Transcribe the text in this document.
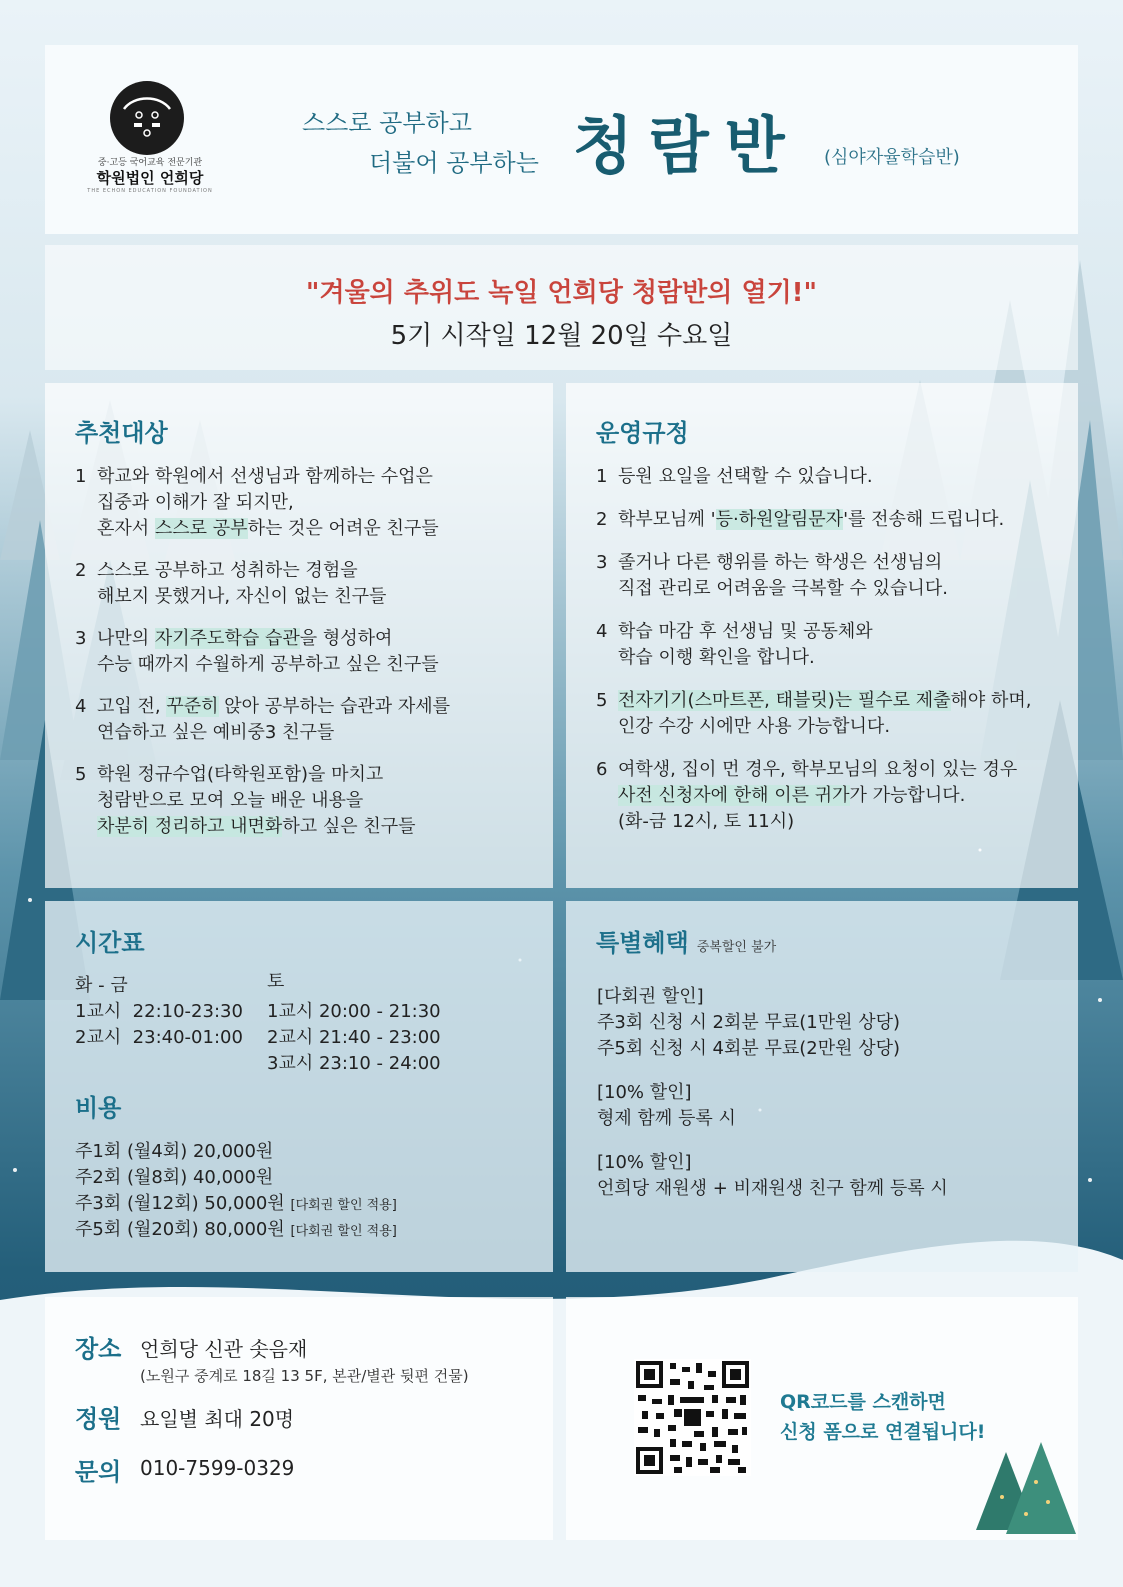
중·고등 국어교육 전문기관
학원법인 언희당
THE ECHON EDUCATION FOUNDATION
스스로 공부하고
더불어 공부하는 청람반 (심야자율학습반)
"겨울의 추위도 녹일 언희당 청람반의 열기!"
5기 시작일 12월 20일 수요일
추천대상
1 학교와 학원에서 선생님과 함께하는 수업은
집중과 이해가 잘 되지만,
혼자서 스스로 공부하는 것은 어려운 친구들
2 스스로 공부하고 성취하는 경험을
해보지 못했거나, 자신이 없는 친구들
3 나만의 자기주도학습 습관을 형성하여
수능 때까지 수월하게 공부하고 싶은 친구들
4 고입 전, 꾸준히 앉아 공부하는 습관과 자세를
연습하고 싶은 예비중3 친구들
5 학원 정규수업(타학원포함)을 마치고
청람반으로 모여 오늘 배운 내용을
차분히 정리하고 내면화하고 싶은 친구들
운영규정
1 등원 요일을 선택할 수 있습니다.
2 학부모님께 '등·하원알림문자'를 전송해 드립니다.
3 졸거나 다른 행위를 하는 학생은 선생님의
직접 관리로 어려움을 극복할 수 있습니다.
4 학습 마감 후 선생님 및 공동체와
학습 이행 확인을 합니다.
5 전자기기(스마트폰, 태블릿)는 필수로 제출해야 하며,
인강 수강 시에만 사용 가능합니다.
6 여학생, 집이 먼 경우, 학부모님의 요청이 있는 경우
사전 신청자에 한해 이른 귀가가 가능합니다.
(화-금 12시, 토 11시)
시간표
화 - 금
1교시  22:10-23:30
2교시  23:40-01:00
토
1교시 20:00 - 21:30
2교시 21:40 - 23:00
3교시 23:10 - 24:00
비용
주1회 (월4회) 20,000원
주2회 (월8회) 40,000원
주3회 (월12회) 50,000원 [다회권 할인 적용]
주5회 (월20회) 80,000원 [다회권 할인 적용]
특별혜택 중복할인 불가
[다회권 할인]
주3회 신청 시 2회분 무료(1만원 상당)
주5회 신청 시 4회분 무료(2만원 상당)
[10% 할인]
형제 함께 등록 시
[10% 할인]
언희당 재원생 + 비재원생 친구 함께 등록 시
장소 언희당 신관 솟음재
(노원구 중계로 18길 13 5F, 본관/별관 뒷편 건물)
정원 요일별 최대 20명
문의 010-7599-0329
QR코드를 스캔하면
신청 폼으로 연결됩니다!
